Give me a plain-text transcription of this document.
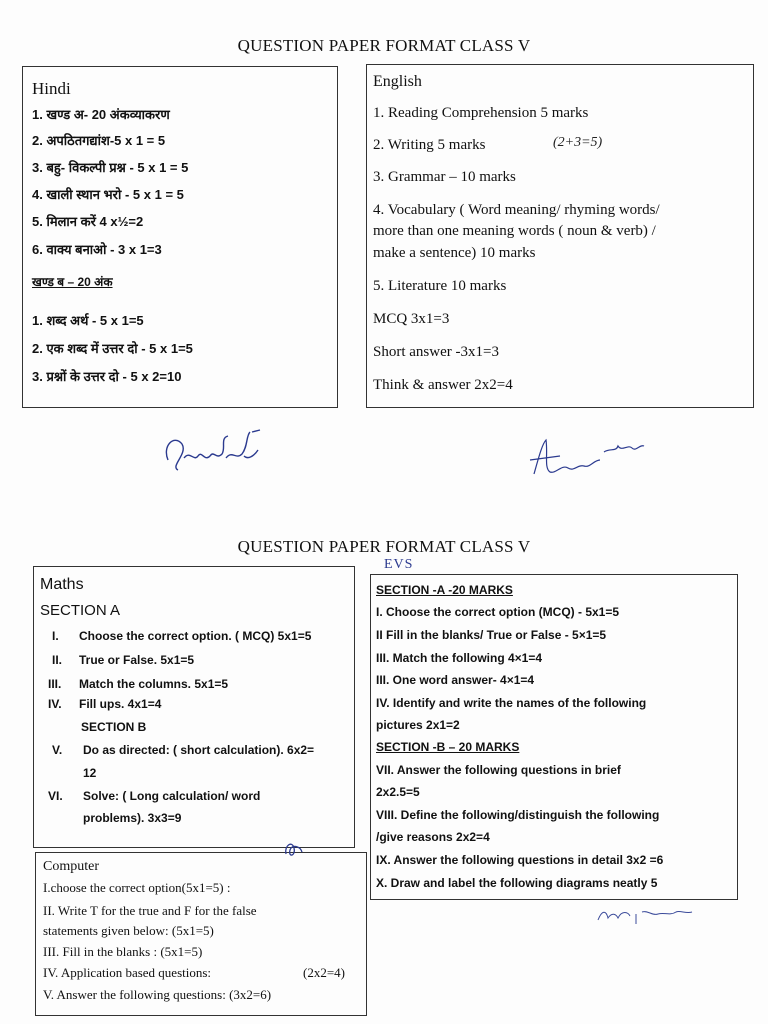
QUESTION PAPER FORMAT CLASS V
Hindi
1. खण्ड अ- 20 अंकव्याकरण
2. अपठितगद्यांश-5 x 1 = 5
3. बहु- विकल्पी प्रश्न - 5 x 1 = 5
4. खाली स्थान भरो - 5 x 1 = 5
5. मिलान करें 4 x½=2
6. वाक्य बनाओ - 3 x 1=3
खण्ड ब – 20 अंक
1. शब्द अर्थ - 5 x 1=5
2. एक शब्द में उत्तर दो - 5 x 1=5
3. प्रश्नों के उत्तर दो - 5 x 2=10
English
1. Reading Comprehension 5 marks
2. Writing 5 marks	(2+3=5)
3. Grammar – 10 marks
4. Vocabulary ( Word meaning/ rhyming words/
more than one meaning words ( noun & verb) /
make a sentence) 10 marks
5. Literature 10 marks
MCQ 3x1=3
Short answer -3x1=3
Think & answer 2x2=4
QUESTION PAPER FORMAT CLASS V
EVS
Maths
SECTION A
I. Choose the correct option. ( MCQ) 5x1=5
II. True or False. 5x1=5
III. Match the columns. 5x1=5
IV. Fill ups. 4x1=4
SECTION B
V. Do as directed: ( short calculation). 6x2=
12
VI. Solve: ( Long calculation/ word
problems). 3x3=9
SECTION -A -20 MARKS
I. Choose the correct option (MCQ) - 5x1=5
II Fill in the blanks/ True or False - 5×1=5
III. Match the following 4×1=4
III. One word answer- 4×1=4
IV. Identify and write the names of the following
pictures 2x1=2
SECTION -B – 20 MARKS
VII. Answer the following questions in brief
2x2.5=5
VIII. Define the following/distinguish the following
/give reasons 2x2=4
IX. Answer the following questions in detail 3x2 =6
X. Draw and label the following diagrams neatly 5
Computer
I.choose the correct option(5x1=5) :
II. Write T for the true and F for the false
statements given below: (5x1=5)
III. Fill in the blanks : (5x1=5)
IV. Application based questions:	(2x2=4)
V. Answer the following questions: (3x2=6)
